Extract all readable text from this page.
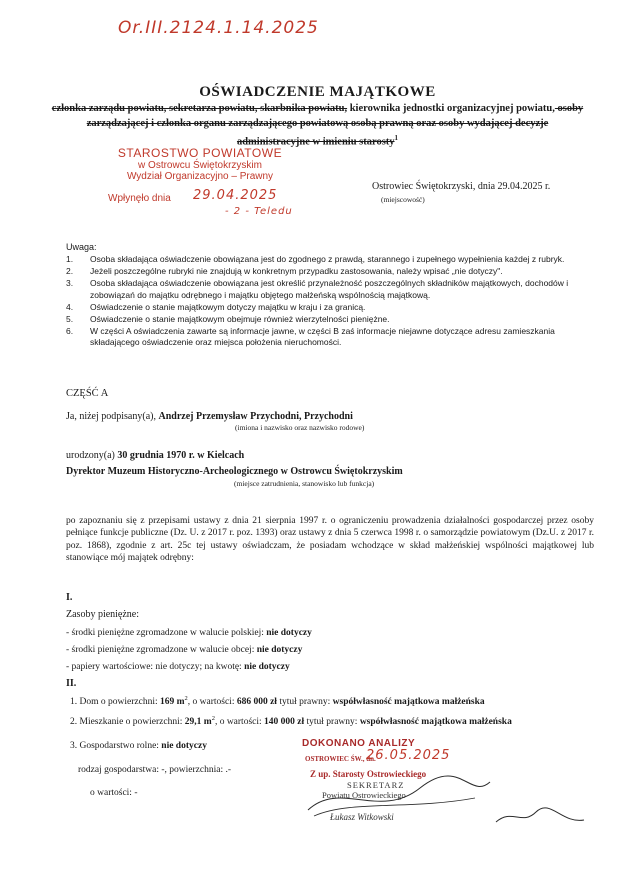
Or.III.2124.1.14.2025
OŚWIADCZENIE MAJĄTKOWE
członka zarządu powiatu, sekretarza powiatu, skarbnika powiatu, kierownika jednostki organizacyjnej powiatu, osoby zarządzającej i członka organu zarządzającego powiatową osobą prawną oraz osoby wydającej decyzje administracyjne w imieniu starosty$^1$
STAROSTWO POWIATOWE
w Ostrowcu Świętokrzyskim
Wydział Organizacyjno – Prawny
Wpłynęło dnia 29.04.2025
- 2 - Teledu
Ostrowiec Świętokrzyski, dnia 29.04.2025 r.
(miejscowość)
Uwaga:
1. Osoba składająca oświadczenie obowiązana jest do zgodnego z prawdą, starannego i zupełnego wypełnienia każdej z rubryk.
2. Jeżeli poszczególne rubryki nie znajdują w konkretnym przypadku zastosowania, należy wpisać „nie dotyczy".
3. Osoba składająca oświadczenie obowiązana jest określić przynależność poszczególnych składników majątkowych, dochodów i zobowiązań do majątku odrębnego i majątku objętego małżeńską wspólnością majątkową.
4. Oświadczenie o stanie majątkowym dotyczy majątku w kraju i za granicą.
5. Oświadczenie o stanie majątkowym obejmuje również wierzytelności pieniężne.
6. W części A oświadczenia zawarte są informacje jawne, w części B zaś informacje niejawne dotyczące adresu zamieszkania składającego oświadczenie oraz miejsca położenia nieruchomości.
CZĘŚĆ A
Ja, niżej podpisany(a), Andrzej Przemysław Przychodni, Przychodni
(imiona i nazwisko oraz nazwisko rodowe)
urodzony(a) 30 grudnia 1970 r. w Kielcach
Dyrektor Muzeum Historyczno-Archeologicznego w Ostrowcu Świętokrzyskim
(miejsce zatrudnienia, stanowisko lub funkcja)
po zapoznaniu się z przepisami ustawy z dnia 21 sierpnia 1997 r. o ograniczeniu prowadzenia działalności gospodarczej przez osoby pełniące funkcje publiczne (Dz. U. z 2017 r. poz. 1393) oraz ustawy z dnia 5 czerwca 1998 r. o samorządzie powiatowym (Dz.U. z 2017 r. poz. 1868), zgodnie z art. 25c tej ustawy oświadczam, że posiadam wchodzące w skład małżeńskiej wspólności majątkowej lub stanowiące mój majątek odrębny:
I.
Zasoby pieniężne:
- środki pieniężne zgromadzone w walucie polskiej: nie dotyczy
- środki pieniężne zgromadzone w walucie obcej: nie dotyczy
- papiery wartościowe: nie dotyczy; na kwotę: nie dotyczy
II.
1. Dom o powierzchni: 169 $m^2$, o wartości: 686 000 zł tytuł prawny: współwłasność majątkowa małżeńska
2. Mieszkanie o powierzchni: 29,1 $m^2$, o wartości: 140 000 zł tytuł prawny: współwłasność majątkowa małżeńska
3. Gospodarstwo rolne: nie dotyczy
rodzaj gospodarstwa: -, powierzchnia: .-
o wartości: -
DOKONANO ANALIZY
OSTROWIEC ŚW., dn.
26.05.2025
Z up. Starosty Ostrowieckiego
SEKRETARZ
Powiatu Ostrowieckiego
Łukasz Witkowski
